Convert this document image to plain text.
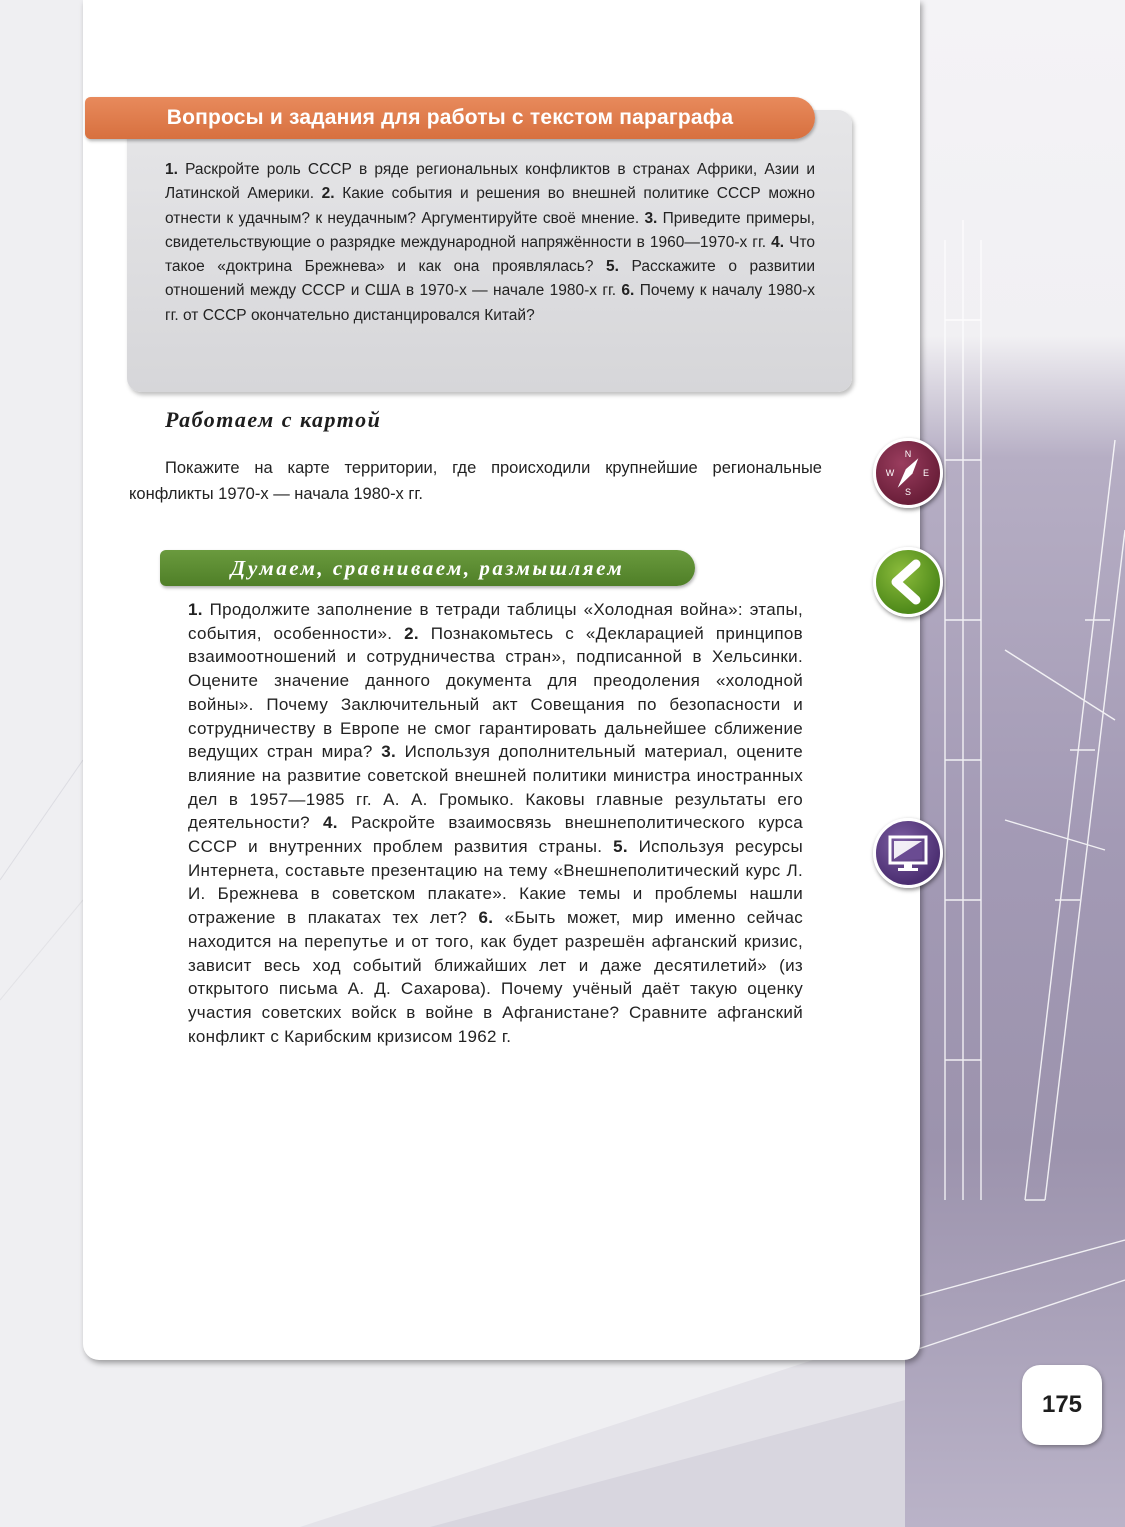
Вопросы и задания для работы с текстом параграфа
1. Раскройте роль СССР в ряде региональных конфликтов в странах Африки, Азии и Латинской Америки. 2. Какие события и решения во внешней политике СССР можно отнести к удачным? к неудачным? Аргументируйте своё мнение. 3. Приведите примеры, свидетельствующие о разрядке международной напряжённости в 1960—1970-х гг. 4. Что такое «доктрина Брежнева» и как она проявлялась? 5. Расскажите о развитии отношений между СССР и США в 1970-х — начале 1980-х гг. 6. Почему к началу 1980-х гг. от СССР окончательно дистанцировался Китай?
Работаем с картой
Покажите на карте территории, где происходили крупнейшие региональные конфликты 1970-х — начала 1980-х гг.
Думаем, сравниваем, размышляем
1. Продолжите заполнение в тетради таблицы «Холодная война»: этапы, события, особенности». 2. Познакомьтесь с «Декларацией принципов взаимоотношений и сотрудничества стран», подписанной в Хельсинки. Оцените значение данного документа для преодоления «холодной войны». Почему Заключительный акт Совещания по безопасности и сотрудничеству в Европе не смог гарантировать дальнейшее сближение ведущих стран мира? 3. Используя дополнительный материал, оцените влияние на развитие советской внешней политики министра иностранных дел в 1957—1985 гг. А. А. Громыко. Каковы главные результаты его деятельности? 4. Раскройте взаимосвязь внешнеполитического курса СССР и внутренних проблем развития страны. 5. Используя ресурсы Интернета, составьте презентацию на тему «Внешнеполитический курс Л. И. Брежнева в советском плакате». Какие темы и проблемы нашли отражение в плакатах тех лет? 6. «Быть может, мир именно сейчас находится на перепутье и от того, как будет разрешён афганский кризис, зависит весь ход событий ближайших лет и даже десятилетий» (из открытого письма А. Д. Сахарова). Почему учёный даёт такую оценку участия советских войск в войне в Афганистане? Сравните афганский конфликт с Карибским кризисом 1962 г.
N
E
S
W
175
